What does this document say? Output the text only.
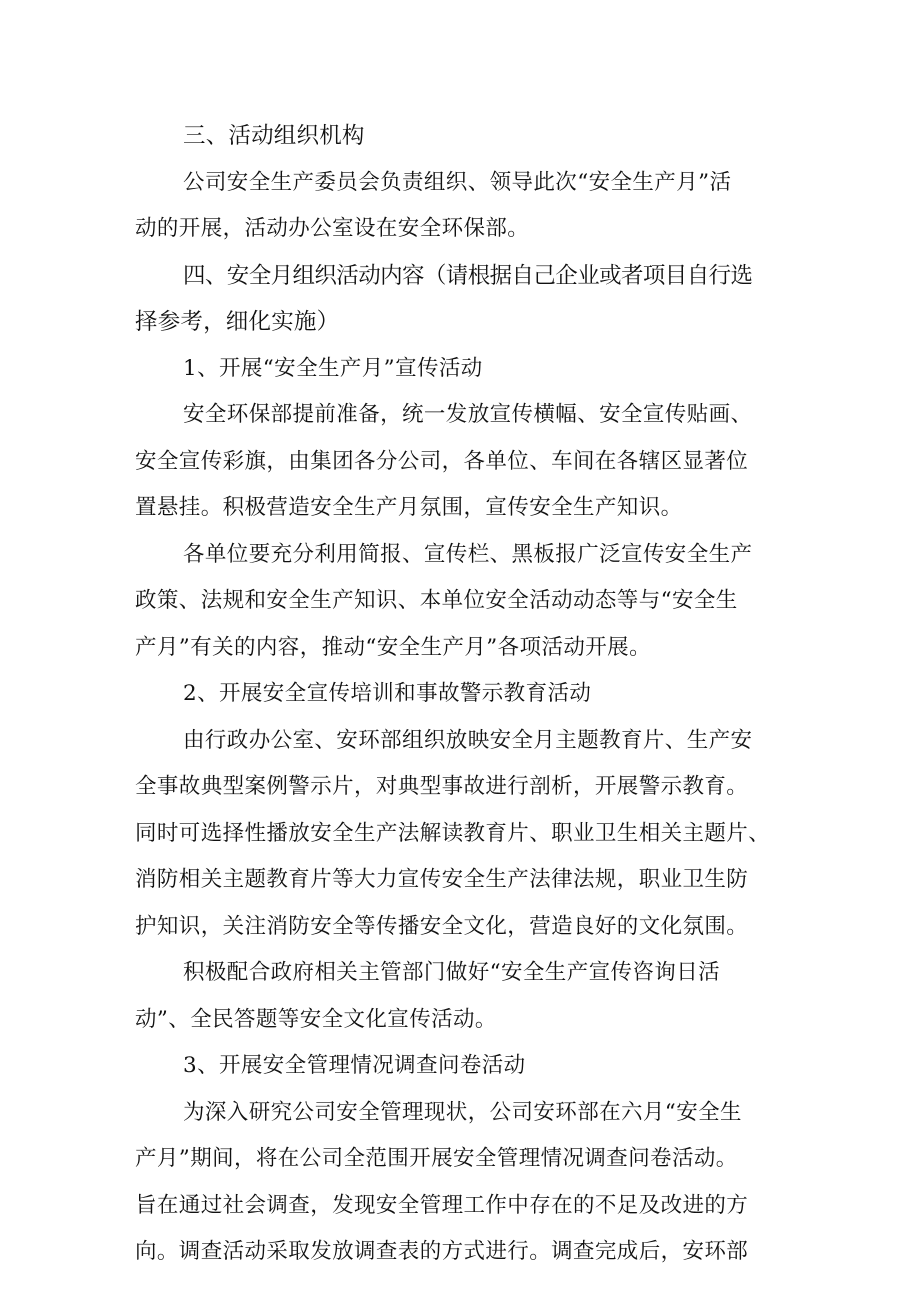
三、活动组织机构
公司安全生产委员会负责组织、领导此次“安全生产月”活
动的开展，活动办公室设在安全环保部。
四、安全月组织活动内容（请根据自己企业或者项目自行选
择参考，细化实施）
1、开展“安全生产月”宣传活动
安全环保部提前准备，统一发放宣传横幅、安全宣传贴画、
安全宣传彩旗，由集团各分公司，各单位、车间在各辖区显著位
置悬挂。积极营造安全生产月氛围，宣传安全生产知识。
各单位要充分利用简报、宣传栏、黑板报广泛宣传安全生产
政策、法规和安全生产知识、本单位安全活动动态等与“安全生
产月”有关的内容，推动“安全生产月”各项活动开展。
2、开展安全宣传培训和事故警示教育活动
由行政办公室、安环部组织放映安全月主题教育片、生产安
全事故典型案例警示片，对典型事故进行剖析，开展警示教育。
同时可选择性播放安全生产法解读教育片、职业卫生相关主题片、
消防相关主题教育片等大力宣传安全生产法律法规，职业卫生防
护知识，关注消防安全等传播安全文化，营造良好的文化氛围。
积极配合政府相关主管部门做好“安全生产宣传咨询日活
动”、全民答题等安全文化宣传活动。
3、开展安全管理情况调查问卷活动
为深入研究公司安全管理现状，公司安环部在六月“安全生
产月”期间，将在公司全范围开展安全管理情况调查问卷活动。
旨在通过社会调查，发现安全管理工作中存在的不足及改进的方
向。调查活动采取发放调查表的方式进行。调查完成后，安环部
